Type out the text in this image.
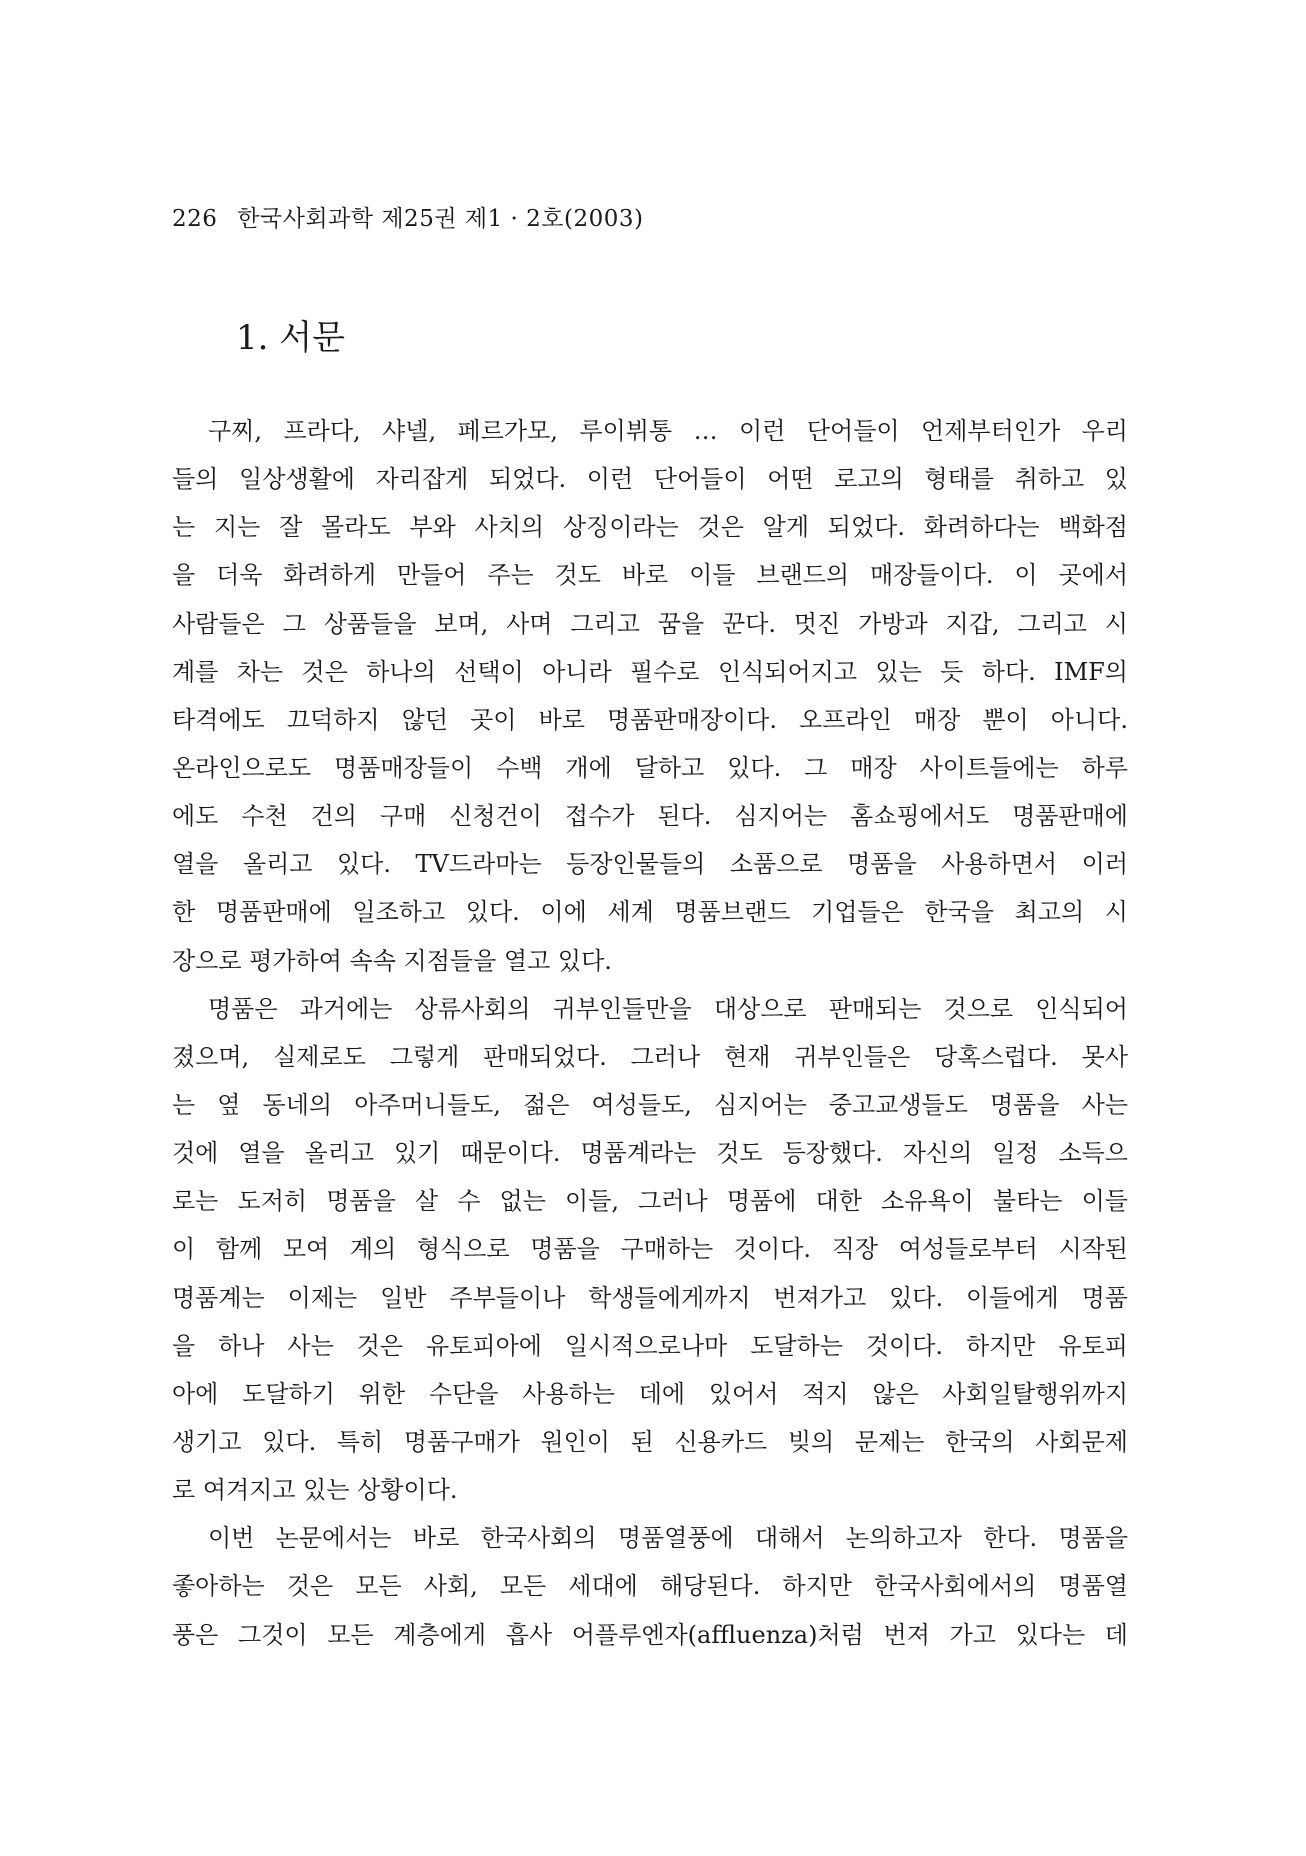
226 한국사회과학 제25권 제1 · 2호(2003)
1. 서문
구찌, 프라다, 샤넬, 페르가모, 루이뷔통 … 이런 단어들이 언제부터인가 우리
들의 일상생활에 자리잡게 되었다. 이런 단어들이 어떤 로고의 형태를 취하고 있
는 지는 잘 몰라도 부와 사치의 상징이라는 것은 알게 되었다. 화려하다는 백화점
을 더욱 화려하게 만들어 주는 것도 바로 이들 브랜드의 매장들이다. 이 곳에서
사람들은 그 상품들을 보며, 사며 그리고 꿈을 꾼다. 멋진 가방과 지갑, 그리고 시
계를 차는 것은 하나의 선택이 아니라 필수로 인식되어지고 있는 듯 하다. IMF의
타격에도 끄덕하지 않던 곳이 바로 명품판매장이다. 오프라인 매장 뿐이 아니다.
온라인으로도 명품매장들이 수백 개에 달하고 있다. 그 매장 사이트들에는 하루
에도 수천 건의 구매 신청건이 접수가 된다. 심지어는 홈쇼핑에서도 명품판매에
열을 올리고 있다. TV드라마는 등장인물들의 소품으로 명품을 사용하면서 이러
한 명품판매에 일조하고 있다. 이에 세계 명품브랜드 기업들은 한국을 최고의 시
장으로 평가하여 속속 지점들을 열고 있다.
명품은 과거에는 상류사회의 귀부인들만을 대상으로 판매되는 것으로 인식되어
졌으며, 실제로도 그렇게 판매되었다. 그러나 현재 귀부인들은 당혹스럽다. 못사
는 옆 동네의 아주머니들도, 젊은 여성들도, 심지어는 중고교생들도 명품을 사는
것에 열을 올리고 있기 때문이다. 명품계라는 것도 등장했다. 자신의 일정 소득으
로는 도저히 명품을 살 수 없는 이들, 그러나 명품에 대한 소유욕이 불타는 이들
이 함께 모여 계의 형식으로 명품을 구매하는 것이다. 직장 여성들로부터 시작된
명품계는 이제는 일반 주부들이나 학생들에게까지 번져가고 있다. 이들에게 명품
을 하나 사는 것은 유토피아에 일시적으로나마 도달하는 것이다. 하지만 유토피
아에 도달하기 위한 수단을 사용하는 데에 있어서 적지 않은 사회일탈행위까지
생기고 있다. 특히 명품구매가 원인이 된 신용카드 빚의 문제는 한국의 사회문제
로 여겨지고 있는 상황이다.
이번 논문에서는 바로 한국사회의 명품열풍에 대해서 논의하고자 한다. 명품을
좋아하는 것은 모든 사회, 모든 세대에 해당된다. 하지만 한국사회에서의 명품열
풍은 그것이 모든 계층에게 흡사 어플루엔자(affluenza)처럼 번져 가고 있다는 데
